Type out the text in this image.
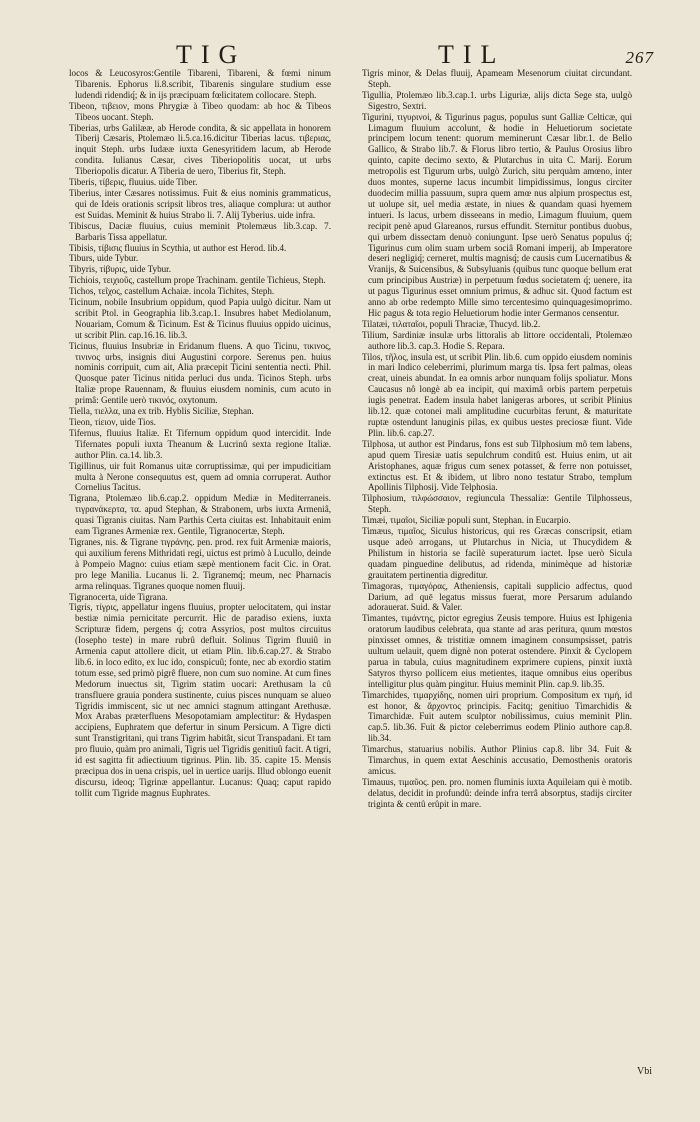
TIG	TIL	267

locos & Leucosyros:Gentile Tibareni, Tibareni, & fœmi ninum Tibarenis. Ephorus li.8.scribit, Tibarenis singulare studium esse ludendi ridendiq́; & in ijs præcipuam fœlicitatem collocare. Steph.

Tibeon, τιβειον, mons Phrygiæ à Tibeo quodam: ab hoc & Tibeos Tibeos uocant. Steph.

Tiberias, urbs Galilææ, ab Herode condita, & sic appellata in honorem Tiberij Cæsaris, Ptolemæo li.5.ca.16.dicitur Tiberias lacus. τιβεριας, inquit Steph. urbs Iudææ iuxta Genesyritidem lacum, ab Herode condita. Iulianus Cæsar, cives Tiberiopolitis uocat, ut urbs Tiberiopolis dicatur. A Tiberia de uero, Tiberius fit, Steph.

Tiberis, τίβερις, fluuius. uide Tiber.

Tiberius, inter Cæsares notissimus. Fuit & eius nominis grammaticus, qui de Ideis orationis scripsit libros tres, aliaque complura: ut author est Suidas. Meminit & huius Strabo li. 7. Alij Tyberius. uide infra.

Tibiscus, Daciæ fluuius, cuius meminit Ptolemæus lib.3.cap. 7. Barbaris Tissa appellatur.

Tibisis, τίβισις fluuius in Scythia, ut author est Herod. lib.4.

Tiburs, uide Tybur.

Tibyris, τίβυρις, uide Tybur.

Tichiois, τειχιοῦς, castellum prope Trachinam. gentile Tichieus, Steph.

Tichos, τεῖχος, castellum Achaiæ. incola Tichites, Steph.

Ticinum, nobile Insubrium oppidum, quod Papia uulgò dicitur. Nam ut scribit Ptol. in Geographia lib.3.cap.1. Insubres habet Mediolanum, Nouariam, Comum & Ticinum. Est & Ticinus fluuius oppido uicinus, ut scribit Plin. cap.16.16. lib.3.

Ticinus, fluuius Insubriæ in Eridanum fluens. A quo Ticinu, τικινος, τινινος urbs, insignis diui Augustini corpore. Serenus pen. huius nominis corripuit, cum ait, Alia præcepit Ticini sententia necti. Phil. Quosque pater Ticinus nitida perluci dus unda. Ticinos Steph. urbs Italiæ prope Rauennam, & fluuius eiusdem nominis, cum acuto in primâ: Gentile uerò τικινός, oxytonum.

Tiella, τιελλα, una ex trib. Hyblis Siciliæ, Stephan.

Tieon, τίειον, uide Tios.

Tifernus, fluuius Italiæ. Et Tifernum oppidum quod intercidit. Inde Tifernates populi iuxta Theanum & Lucrinû sexta regione Italiæ. author Plin. ca.14. lib.3.

Tigillinus, uir fuit Romanus uitæ corruptissimæ, qui per impudicitiam multa à Nerone consequutus est, quem ad omnia corruperat. Author Cornelius Tacitus.

Tigrana, Ptolemæo lib.6.cap.2. oppidum Mediæ in Mediterraneis. τιγρανάκερτα, τα. apud Stephan, & Strabonem, urbs iuxta Armeniâ, quasi Tigranis ciuitas. Nam Parthis Certa ciuitas est. Inhabitauit enim eam Tigranes Armeniæ rex. Gentile, Tigranocertæ, Steph.

Tigranes, nis. & Tigrane τιγράνης. pen. prod. rex fuit Armeniæ maioris, qui auxilium ferens Mithridati regi, uictus est primò à Lucullo, deinde à Pompeio Magno: cuius etiam sæpè mentionem facit Cic. in Orat. pro lege Manilia. Lucanus li. 2. Tigranemq́; meum, nec Pharnacis arma relinquas. Tigranes quoque nomen fluuij.

Tigranocerta, uide Tigrana.

Tigris, τίγρις, appellatur ingens fluuius, propter uelocitatem, qui instar bestiæ nimia pernicitate percurrit. Hic de paradiso exiens, iuxta Scripturæ fidem, pergens q́; cotra Assyrios, post multos circuitus (Iosepho teste) in mare rubrû defluit. Solinus Tigrim fluuiû in Armenia caput attollere dicit, ut etiam Plin. lib.6.cap.27. & Strabo lib.6. in loco edito, ex luc ido, conspicuû; fonte, nec ab exordio statim totum esse, sed primò pigrê fluere, non cum suo nomine. At cum fines Medorum inuectus sit, Tigrim statim uocari: Arethusam la cû transfluere grauia pondera sustinente, cuius pisces nunquam se alueo Tigridis immiscent, sic ut nec amnici stagnum attingant Arethusæ. Mox Arabas præterfluens Mesopotamiam amplectitur: & Hydaspen accipiens, Euphratem que defertur in sinum Persicum. A Tigre dicti sunt Transtigritani, qui trans Tigrim habitât, sicut Transpadani. Et tam pro fluuio, quàm pro animali, Tigris uel Tigridis genitiuû facit. A tigri, id est sagitta fit adiectiuum tigrinus. Plin. lib. 35. capite 15. Mensis præcipua dos in uena crispis, uel in uertice uarijs. Illud oblongo euenit discursu, ideoq; Tigrinæ appellantur. Lucanus: Quaq; caput rapido tollit cum Tigride magnus Euphrates.

Tigris minor, & Delas fluuij, Apameam Mesenorum ciuitat circundant. Steph.

Tigullia, Ptolemæo lib.3.cap.1. urbs Liguriæ, alijs dicta Sege sta, uulgò Sigestro, Sextri.

Tigurini, τιγυρινοί, & Tigurinus pagus, populus sunt Galliæ Celticæ, qui Limagum fluuium accolunt, & hodie in Heluetiorum societate principem locum tenent: quorum meminerunt Cæsar libr.1. de Bello Gallico, & Strabo lib.7. & Florus libro tertio, & Paulus Orosius libro quinto, capite decimo sexto, & Plutarchus in uita C. Marij. Eorum metropolis est Tigurum urbs, uulgò Zurich, situ perquàm amœno, inter duos montes, superne lacus incumbit limpidissimus, longus circiter duodecim millia passuum, supra quem amœ nus alpium prospectus est, ut uolupe sit, uel media æstate, in niues & quandam quasi hyemem intueri. Is lacus, urbem disseeans in medio, Limagum fluuium, quem recipit penè apud Glareanos, rursus effundit. Sternitur pontibus duobus, qui urbem dissectam denuò coniungunt. Ipse uerò Senatus populus q́; Tigurinus cum olim suam urbem sociâ Romani imperij, ab Imperatore deseri negligiq́; cerneret, multis magnisq́; de causis cum Lucernatibus & Vranijs, & Suicensibus, & Subsyluanis (quibus tunc quoque bellum erat cum principibus Austriæ) in perpetuum fœdus societatem q́; uenere, ita ut pagus Tigurinus esset omnium primus, & adhuc sit. Quod factum est anno ab orbe redempto Mille simo tercentesimo quinquagesimoprimo. Hic pagus & tota regio Heluetiorum hodie inter Germanos censentur.

Tilatæi, τιλαταῖοι, populi Thraciæ, Thucyd. lib.2.

Tilium, Sardiniæ insulæ urbs littoralis ab littore occidentali, Ptolemæo authore lib.3. cap.3. Hodie S. Repara.

Tilos, τῆλος, insula est, ut scribit Plin. lib.6. cum oppido eiusdem nominis in mari Indico celeberrimi, plurimum marga tis. Ipsa fert palmas, oleas creat, uineis abundat. In ea omnis arbor nunquam folijs spoliatur. Mons Caucasus nô longè ab ea incipit, qui maximâ orbis partem perpetuis iugis penetrat. Eadem insula habet lanigeras arbores, ut scribit Plinius lib.12. quæ cotonei mali amplitudine cucurbitas ferunt, & maturitate ruptæ ostendunt lanuginis pilas, ex quibus uestes preciosæ fiunt. Vide Plin. lib.6. cap.27.

Tilphosa, ut author est Pindarus, fons est sub Tilphosium mô tem labens, apud quem Tiresiæ uatis sepulchrum conditû est. Huius enim, ut ait Aristophanes, aquæ frigus cum senex potasset, & ferre non potuisset, extinctus est. Et & ibidem, ut libro nono testatur Strabo, templum Apollinis Tilphosij. Vide Telphosia.

Tilphosium, τιλφώσσαιον, regiuncula Thessaliæ: Gentile Tilphosseus, Steph.

Timæi, τιμαῖοι, Siciliæ populi sunt, Stephan. in Eucarpio.

Timæus, τιμαῖος, Siculus historicus, qui res Græcas conscripsit, etiam usque adeò arrogans, ut Plutarchus in Nicia, ut Thucydidem & Philistum in historia se facilè superaturum iactet. Ipse uerò Sicula quadam pinguedine delibutus, ad ridenda, minimèque ad historiæ grauitatem pertinentia digreditur.

Timagoras, τιμαγόρας, Atheniensis, capitali supplicio adfectus, quod Darium, ad quē legatus missus fuerat, more Persarum adulando adorauerat. Suid. & Valer.

Timantes, τιμάντης, pictor egregius Zeusis tempore. Huius est Iphigenia oratorum laudibus celebrata, qua stante ad aras peritura, quum mœstos pinxisset omnes, & tristitiæ omnem imaginem consumpsisset, patris uultum uelauit, quem dignè non poterat ostendere. Pinxit & Cyclopem parua in tabula, cuius magnitudinem exprimere cupiens, pinxit iuxtà Satyros thyrso pollicem eius metientes, itaque omnibus eius operibus intelligitur plus quàm pingitur. Huius meminit Plin. cap.9. lib.35.

Timarchides, τιμαρχίδης, nomen uiri proprium. Compositum ex τιμή, id est honor, & ἄρχοντος principis. Facitq; genitiuo Timarchidis & Timarchidæ. Fuit autem sculptor nobilissimus, cuius meminit Plin. cap.5. lib.36. Fuit & pictor celeberrimus eodem Plinio authore cap.8. lib.34.

Timarchus, statuarius nobilis. Author Plinius cap.8. libr 34. Fuit & Timarchus, in quem extat Aeschinis accusatio, Demosthenis oratoris amicus.

Timauus, τιμαῦος. pen. pro. nomen fluminis iuxta Aquileiam qui è motib. delatus, decidit in profundû: deinde infra terrâ absorptus, stadijs circiter triginta & centû erûpit in mare.

Vbi
